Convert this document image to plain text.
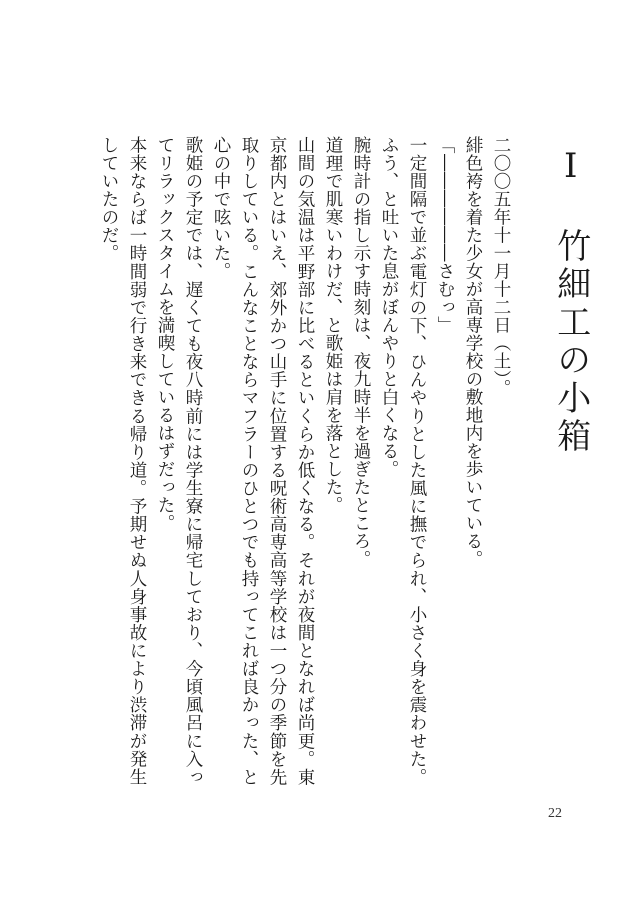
Ⅰ　竹細工の小箱

二〇〇五年十一月十二日（土）。

緋色袴を着た少女が高専学校の敷地内を歩いている。

「――――――さむっ」

一定間隔で並ぶ電灯の下、ひんやりとした風に撫でられ、小さく身を震わせた。ふう、と吐いた息がぼんやりと白くなる。

腕時計の指し示す時刻は、夜九時半を過ぎたところ。

道理で肌寒いわけだ、と歌姫は肩を落とした。

山間の気温は平野部に比べるといくらか低くなる。それが夜間となれば尚更。東京都内とはいえ、郊外かつ山手に位置する呪術高専高等学校は一つ分の季節を先取りしている。こんなことならマフラーのひとつでも持ってこれば良かった、と心の中で呟いた。

歌姫の予定では、遅くても夜八時前には学生寮に帰宅しており、今頃風呂に入ってリラックスタイムを満喫しているはずだった。

本来ならば一時間弱で行き来できる帰り道。予期せぬ人身事故により渋滞が発生していたのだ。

22
